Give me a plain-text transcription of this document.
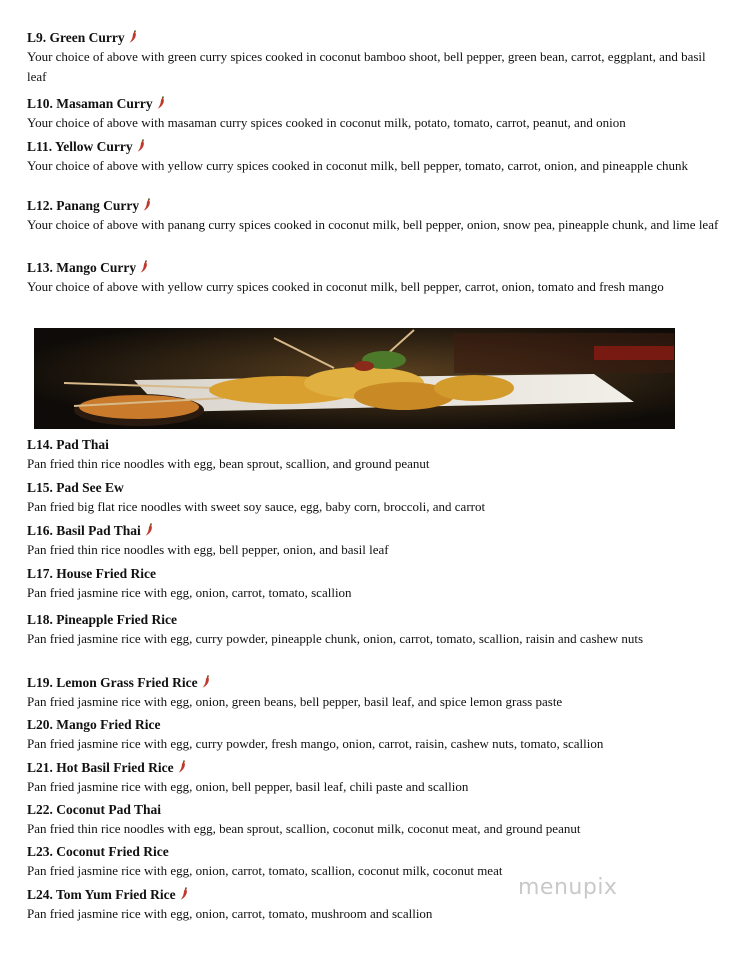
L9. Green Curry
Your choice of above with green curry spices cooked in coconut bamboo shoot, bell pepper, green bean, carrot, eggplant, and basil leaf
L10. Masaman Curry
Your choice of above with masaman curry spices cooked in coconut milk, potato, tomato, carrot, peanut, and onion
L11. Yellow Curry
Your choice of above with yellow curry spices cooked in coconut milk, bell pepper, tomato, carrot, onion, and pineapple chunk
L12. Panang Curry
Your choice of above with panang curry spices cooked in coconut milk, bell pepper, onion, snow pea, pineapple chunk, and lime leaf
L13. Mango Curry
Your choice of above with yellow curry spices cooked in coconut milk, bell pepper, carrot, onion, tomato and fresh mango
L14. Pad Thai
Pan fried thin rice noodles with egg, bean sprout, scallion, and ground peanut
L15. Pad See Ew
Pan fried big flat rice noodles with sweet soy sauce, egg, baby corn, broccoli, and carrot
L16. Basil Pad Thai
Pan fried thin rice noodles with egg, bell pepper, onion, and basil leaf
L17. House Fried Rice
Pan fried jasmine rice with egg, onion, carrot, tomato, scallion
L18. Pineapple Fried Rice
Pan fried jasmine rice with egg, curry powder, pineapple chunk, onion, carrot, tomato, scallion, raisin and cashew nuts
L19. Lemon Grass Fried Rice
Pan fried jasmine rice with egg, onion, green beans, bell pepper, basil leaf, and spice lemon grass paste
L20. Mango Fried Rice
Pan fried jasmine rice with egg, curry powder, fresh mango, onion, carrot, raisin, cashew nuts, tomato, scallion
L21. Hot Basil Fried Rice
Pan fried jasmine rice with egg, onion, bell pepper, basil leaf, chili paste and scallion
L22. Coconut Pad Thai
Pan fried thin rice noodles with egg, bean sprout, scallion, coconut milk, coconut meat, and ground peanut
L23. Coconut Fried Rice
Pan fried jasmine rice with egg, onion, carrot, tomato, scallion, coconut milk, coconut meat
L24. Tom Yum Fried Rice
Pan fried jasmine rice with egg, onion, carrot, tomato, mushroom and scallion
menupix
